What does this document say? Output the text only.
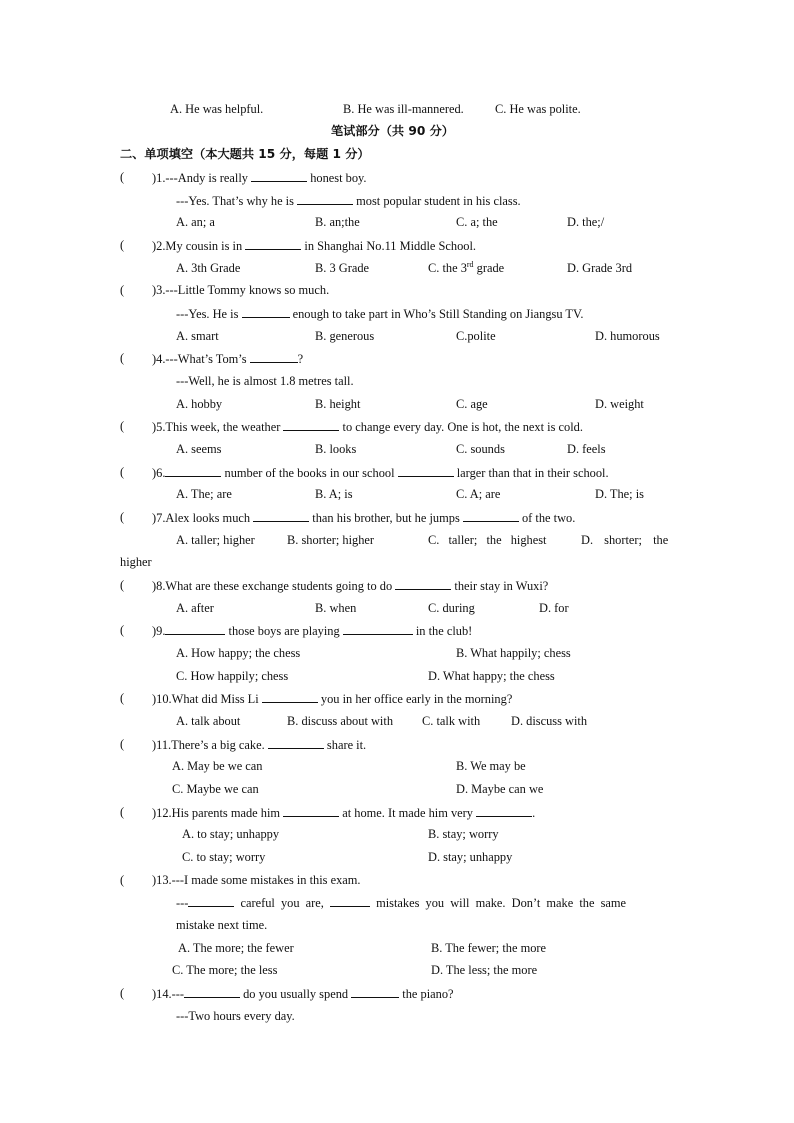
A. He was helpful.	B. He was ill-mannered.	C. He was polite.
笔试部分（共 90 分）
二、单项填空（本大题共 15 分，每题 1 分）
( )1.---Andy is really	honest boy.
---Yes. That’s why he is	most popular student in his class.
A. an; a	B. an;the	C. a; the	D. the;/
( )2.My cousin is in	in Shanghai No.11 Middle School.
A. 3th Grade	B. 3 Grade	C. the 3rd grade	D. Grade 3rd
( )3.---Little Tommy knows so much.
---Yes. He is	enough to take part in Who’s Still Standing on Jiangsu TV.
A. smart	B. generous	C.polite	D. humorous
( )4.---What’s Tom’s	?
---Well, he is almost 1.8 metres tall.
A. hobby	B. height	C. age	D. weight
( )5.This week, the weather	to change every day. One is hot, the next is cold.
A. seems	B. looks	C. sounds	D. feels
( )6.	number of the books in our school	larger than that in their school.
A. The; are	B. A; is	C. A; are	D. The; is
( )7.Alex looks much	than his brother, but he jumps	of the two.
A. taller; higher	B. shorter; higher	C. taller; the highest	D. shorter; the
higher
( )8.What are these exchange students going to do	their stay in Wuxi?
A. after	B. when	C. during	D. for
( )9.	those boys are playing	in the club!
A. How happy; the chess	B. What happily; chess
C. How happily; chess	D. What happy; the chess
( )10.What did Miss Li	you in her office early in the morning?
A. talk about	B. discuss about with C. talk with D. discuss with
( )11.There’s a big cake.	share it.
A. May be we can	B. We may be
C. Maybe we can	D. Maybe can we
( )12.His parents made him	at home. It made him very	.
A. to stay; unhappy	B. stay; worry
C. to stay; worry	D. stay; unhappy
( )13.---I made some mistakes in this exam.
---	careful you are,	mistakes you will make. Don’t make the same
mistake next time.
A. The more; the fewer	B. The fewer; the more
C. The more; the less	D. The less; the more
( )14.---	do you usually spend	the piano?
---Two hours every day.
